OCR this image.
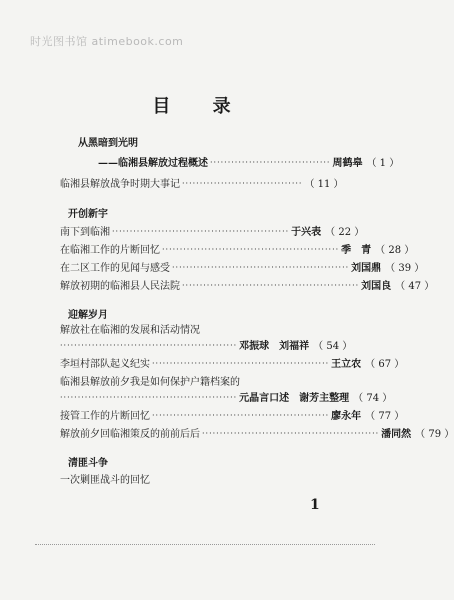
时光图书馆 atimebook.com
目 录
从黑暗到光明
——临湘县解放过程概述 ·································· 周鹤皋 （ 1 ）
临湘县解放战争时期大事记 ·································· （ 11 ）
开创新宇
南下到临湘 ·················································· 于兴表 （ 22 ）
在临湘工作的片断回忆 ·················································· 季　青 （ 28 ）
在二区工作的见闻与感受 ·················································· 刘国鼎 （ 39 ）
解放初期的临湘县人民法院 ·················································· 刘国良 （ 47 ）
迎解岁月
解放社在临湘的发展和活动情况
·················································· 邓振球　刘福祥 （ 54 ）
李垣村部队起义纪实 ·················································· 王立农 （ 67 ）
临湘县解放前夕我是如何保护户籍档案的
·················································· 元晶言口述　谢芳主整理 （ 74 ）
接管工作的片断回忆 ·················································· 廖永年 （ 77 ）
解放前夕回临湘策反的前前后后 ·················································· 潘同然 （ 79 ）
清匪斗争
一次剿匪战斗的回忆
1
